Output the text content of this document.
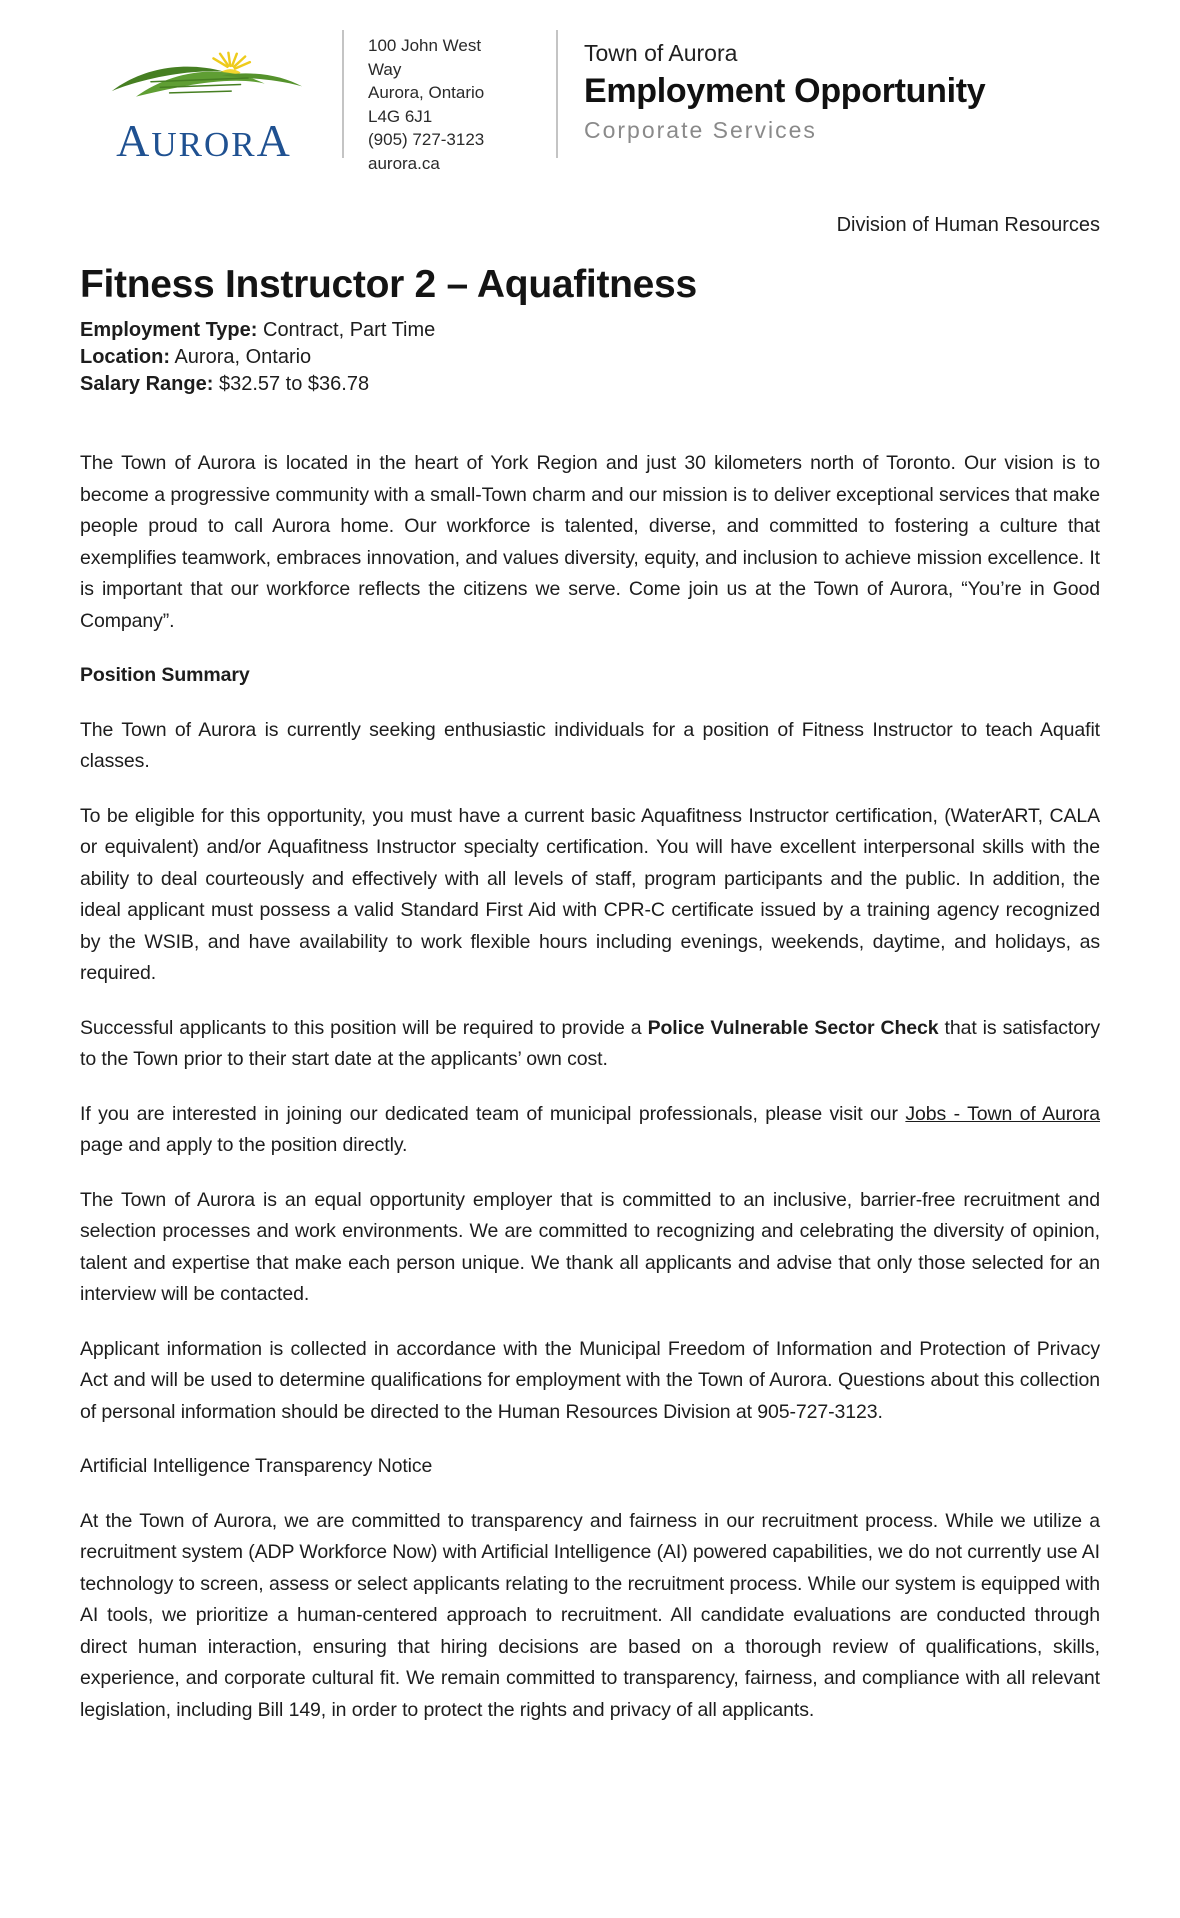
AURORA
100 John West Way
Aurora, Ontario
L4G 6J1
(905) 727-3123
aurora.ca
Town of Aurora
Employment Opportunity
Corporate Services
Division of Human Resources
Fitness Instructor 2 – Aquafitness
Employment Type: Contract, Part Time
Location: Aurora, Ontario
Salary Range: $32.57 to $36.78

The Town of Aurora is located in the heart of York Region and just 30 kilometers north of Toronto. Our vision is to become a progressive community with a small-Town charm and our mission is to deliver exceptional services that make people proud to call Aurora home. Our workforce is talented, diverse, and committed to fostering a culture that exemplifies teamwork, embraces innovation, and values diversity, equity, and inclusion to achieve mission excellence. It is important that our workforce reflects the citizens we serve. Come join us at the Town of Aurora, “You’re in Good Company”.

Position Summary

The Town of Aurora is currently seeking enthusiastic individuals for a position of Fitness Instructor to teach Aquafit classes.

To be eligible for this opportunity, you must have a current basic Aquafitness Instructor certification, (WaterART, CALA or equivalent) and/or Aquafitness Instructor specialty certification. You will have excellent interpersonal skills with the ability to deal courteously and effectively with all levels of staff, program participants and the public. In addition, the ideal applicant must possess a valid Standard First Aid with CPR-C certificate issued by a training agency recognized by the WSIB, and have availability to work flexible hours including evenings, weekends, daytime, and holidays, as required.

Successful applicants to this position will be required to provide a Police Vulnerable Sector Check that is satisfactory to the Town prior to their start date at the applicants’ own cost.

If you are interested in joining our dedicated team of municipal professionals, please visit our Jobs - Town of Aurora page and apply to the position directly.

The Town of Aurora is an equal opportunity employer that is committed to an inclusive, barrier-free recruitment and selection processes and work environments. We are committed to recognizing and celebrating the diversity of opinion, talent and expertise that make each person unique. We thank all applicants and advise that only those selected for an interview will be contacted.

Applicant information is collected in accordance with the Municipal Freedom of Information and Protection of Privacy Act and will be used to determine qualifications for employment with the Town of Aurora. Questions about this collection of personal information should be directed to the Human Resources Division at 905-727-3123.

Artificial Intelligence Transparency Notice

At the Town of Aurora, we are committed to transparency and fairness in our recruitment process. While we utilize a recruitment system (ADP Workforce Now) with Artificial Intelligence (AI) powered capabilities, we do not currently use AI technology to screen, assess or select applicants relating to the recruitment process. While our system is equipped with AI tools, we prioritize a human-centered approach to recruitment. All candidate evaluations are conducted through direct human interaction, ensuring that hiring decisions are based on a thorough review of qualifications, skills, experience, and corporate cultural fit. We remain committed to transparency, fairness, and compliance with all relevant legislation, including Bill 149, in order to protect the rights and privacy of all applicants.
